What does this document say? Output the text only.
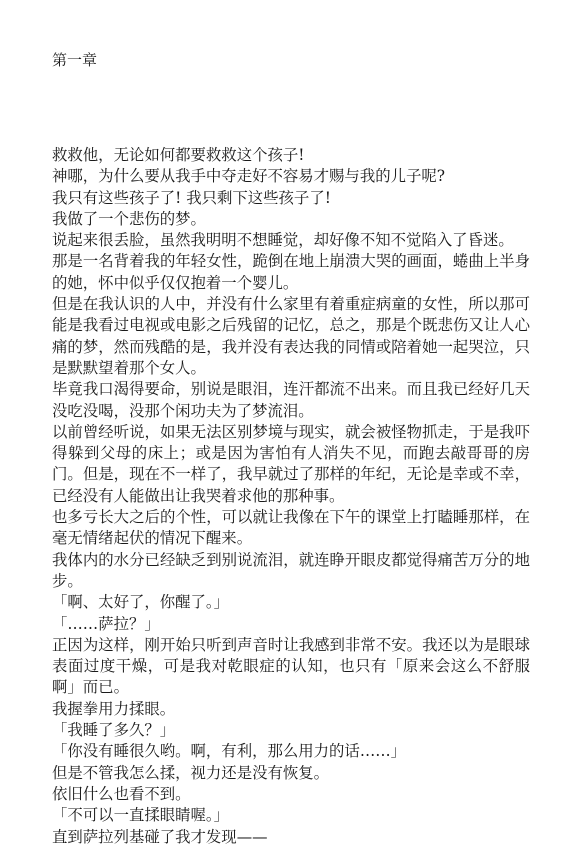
第一章

救救他，无论如何都要救救这个孩子!

神哪，为什么要从我手中夺走好不容易才赐与我的儿子呢?

我只有这些孩子了! 我只剩下这些孩子了!

我做了一个悲伤的梦。

说起来很丢脸，虽然我明明不想睡觉，却好像不知不觉陷入了昏迷。

那是一名背着我的年轻女性，跪倒在地上崩溃大哭的画面，蜷曲上半身的她，怀中似乎仅仅抱着一个婴儿。

但是在我认识的人中，并没有什么家里有着重症病童的女性，所以那可能是我看过电视或电影之后残留的记忆，总之，那是个既悲伤又让人心痛的梦，然而残酷的是，我并没有表达我的同情或陪着她一起哭泣，只是默默望着那个女人。

毕竟我口渴得要命，别说是眼泪，连汗都流不出来。而且我已经好几天没吃没喝，没那个闲功夫为了梦流泪。

以前曾经听说，如果无法区别梦境与现实，就会被怪物抓走，于是我吓得躲到父母的床上；或是因为害怕有人消失不见，而跑去敲哥哥的房门。但是，现在不一样了，我早就过了那样的年纪，无论是幸或不幸，已经没有人能做出让我哭着求他的那种事。

也多亏长大之后的个性，可以就让我像在下午的课堂上打瞌睡那样，在毫无情绪起伏的情况下醒来。

我体内的水分已经缺乏到别说流泪，就连睁开眼皮都觉得痛苦万分的地步。

「啊、太好了，你醒了。」

「……萨拉？」

正因为这样，刚开始只听到声音时让我感到非常不安。我还以为是眼球表面过度干燥，可是我对乾眼症的认知，也只有「原来会这么不舒服啊」而已。

我握拳用力揉眼。

「我睡了多久？」

「你没有睡很久哟。啊，有利，那么用力的话……」

但是不管我怎么揉，视力还是没有恢复。

依旧什么也看不到。

「不可以一直揉眼睛喔。」

直到萨拉列基碰了我才发现——
